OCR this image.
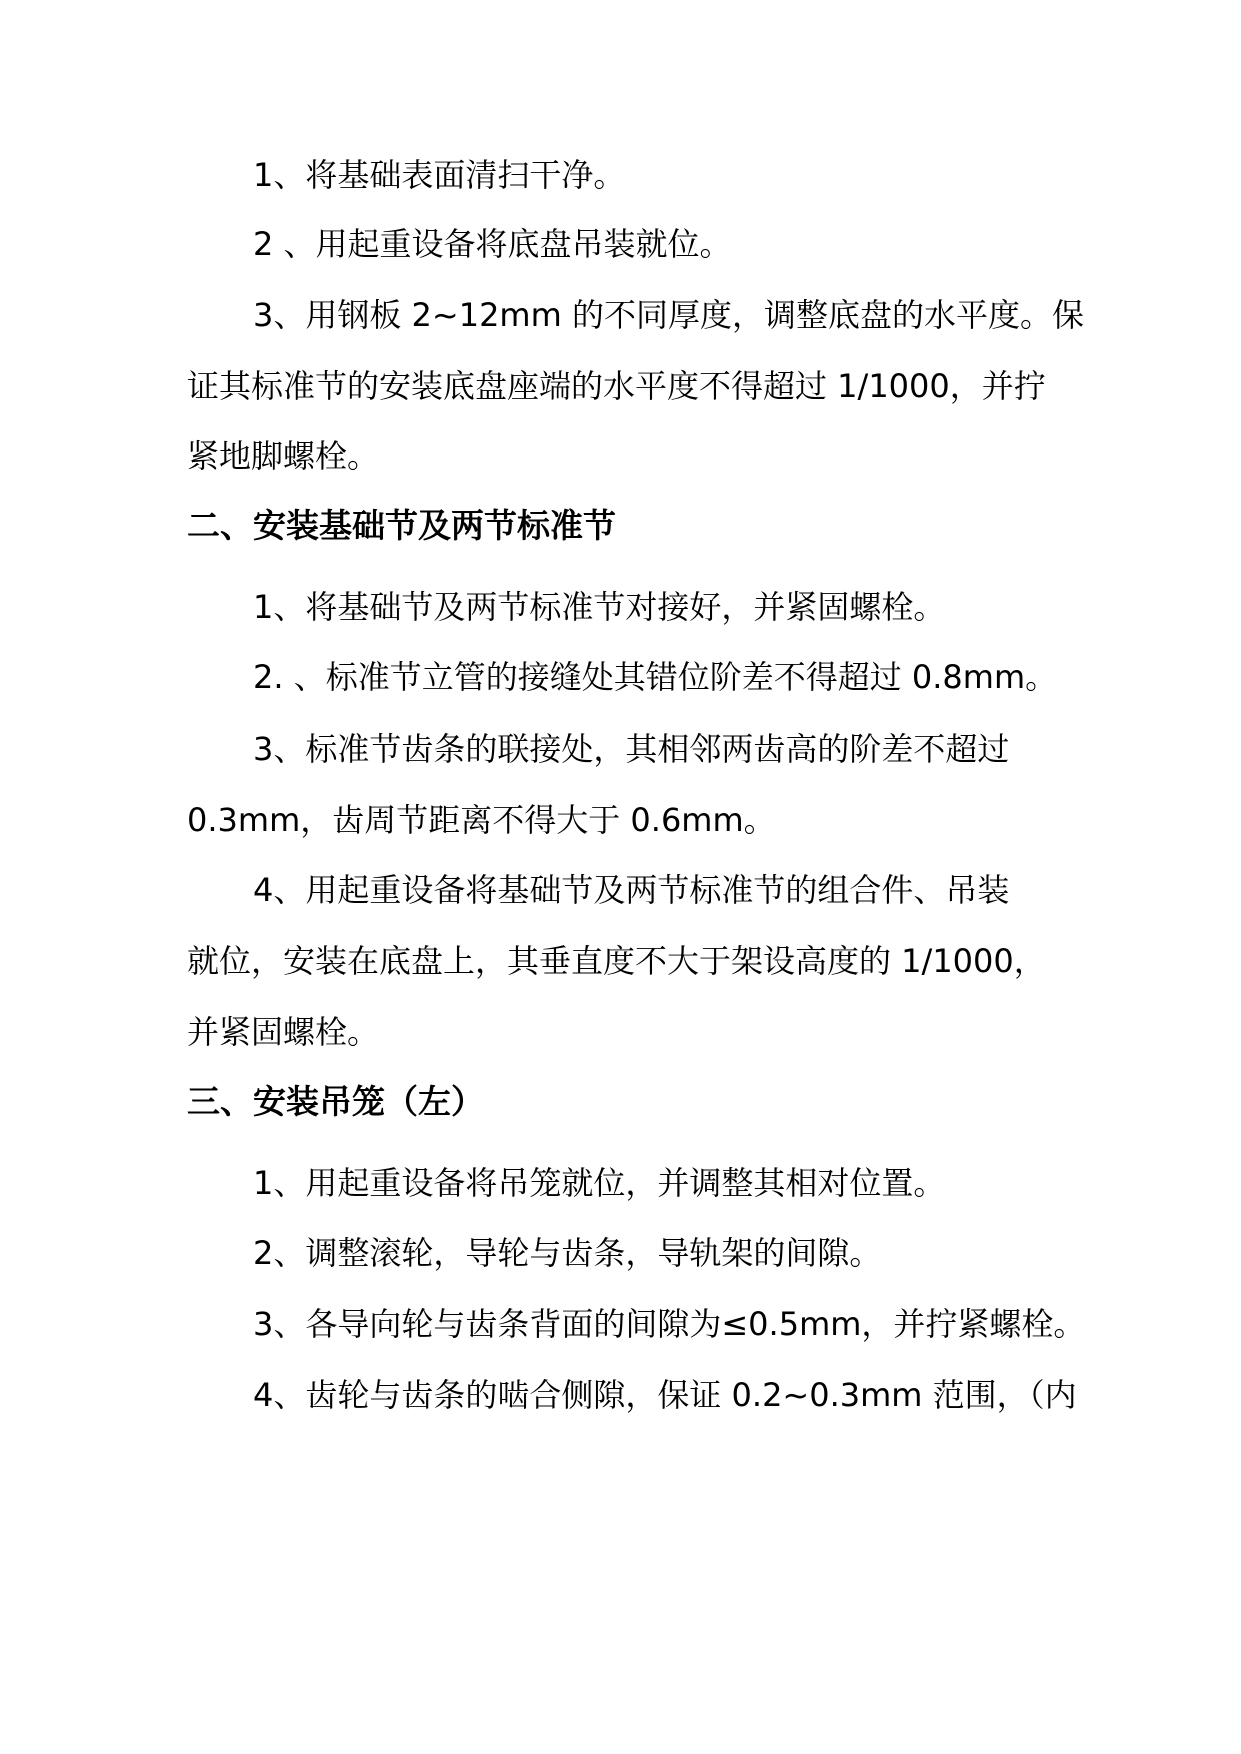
1、将基础表面清扫干净。
2 、用起重设备将底盘吊装就位。
3、用钢板 2~12mm 的不同厚度，调整底盘的水平度。保
证其标准节的安装底盘座端的水平度不得超过 1/1000，并拧
紧地脚螺栓。
二、安装基础节及两节标准节
1、将基础节及两节标准节对接好，并紧固螺栓。
2. 、标准节立管的接缝处其错位阶差不得超过 0.8mm。
3、标准节齿条的联接处，其相邻两齿高的阶差不超过
0.3mm，齿周节距离不得大于 0.6mm。
4、用起重设备将基础节及两节标准节的组合件、吊装
就位，安装在底盘上，其垂直度不大于架设高度的 1/1000，
并紧固螺栓。
三、安装吊笼（左）
1、用起重设备将吊笼就位，并调整其相对位置。
2、调整滚轮，导轮与齿条，导轨架的间隙。
3、各导向轮与齿条背面的间隙为≤0.5mm，并拧紧螺栓。
4、齿轮与齿条的啮合侧隙，保证 0.2~0.3mm 范围，（内
